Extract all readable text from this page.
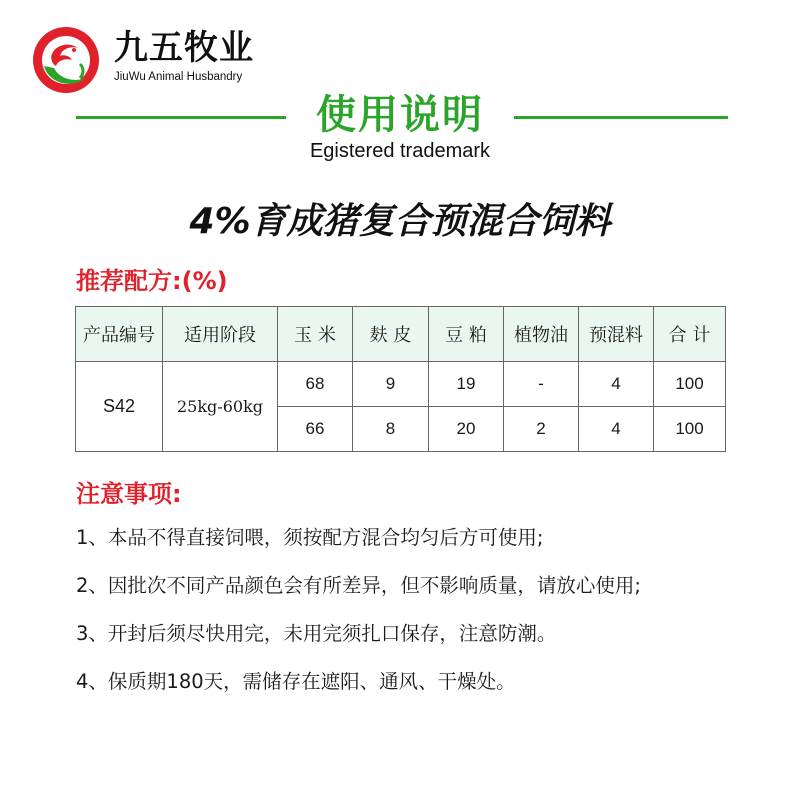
九五牧业
JiuWu Animal Husbandry
使用说明
Egistered trademark
4%育成猪复合预混合饲料
推荐配方:(%)
产品编号	适用阶段	玉 米	麸 皮	豆 粕	植物油	预混料	合 计
S42	25kg-60kg	68	9	19	-	4	100
		66	8	20	2	4	100
注意事项:
1、本品不得直接饲喂，须按配方混合均匀后方可使用;
2、因批次不同产品颜色会有所差异，但不影响质量，请放心使用;
3、开封后须尽快用完，未用完须扎口保存，注意防潮。
4、保质期180天，需储存在遮阳、通风、干燥处。
